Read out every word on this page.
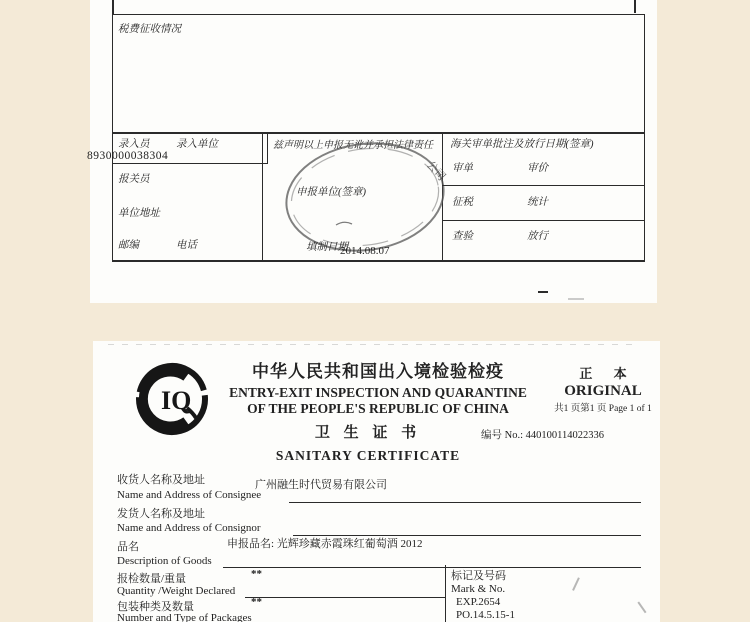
税费征收情况
录入员	录入单位
8930000038304
报关员
单位地址
邮编	电话
兹声明以上申报无讹并承担法律责任
公司
申报单位(签章)
填制日期
2014.08.07
海关审单批注及放行日期(签章)
审单	审价
征税	统计
查验	放行
IQ
中华人民共和国出入境检验检疫
ENTRY-EXIT INSPECTION AND QUARANTINE
OF THE PEOPLE'S REPUBLIC OF CHINA
正 本
ORIGINAL
共1 页第1 页 Page 1 of 1
卫 生 证 书
SANITARY CERTIFICATE
编号 No.: 440100114022336
收货人名称及地址	广州融生时代贸易有限公司
Name and Address of Consignee
发货人名称及地址
Name and Address of Consignor
品名	申报品名: 光辉珍藏赤霞珠红葡萄酒 2012
Description of Goods
报检数量/重量	**
Quantity /Weight Declared
包装种类及数量	**
Number and Type of Packages
标记及号码
Mark & No.
EXP.2654
PO.14.5.15-1
